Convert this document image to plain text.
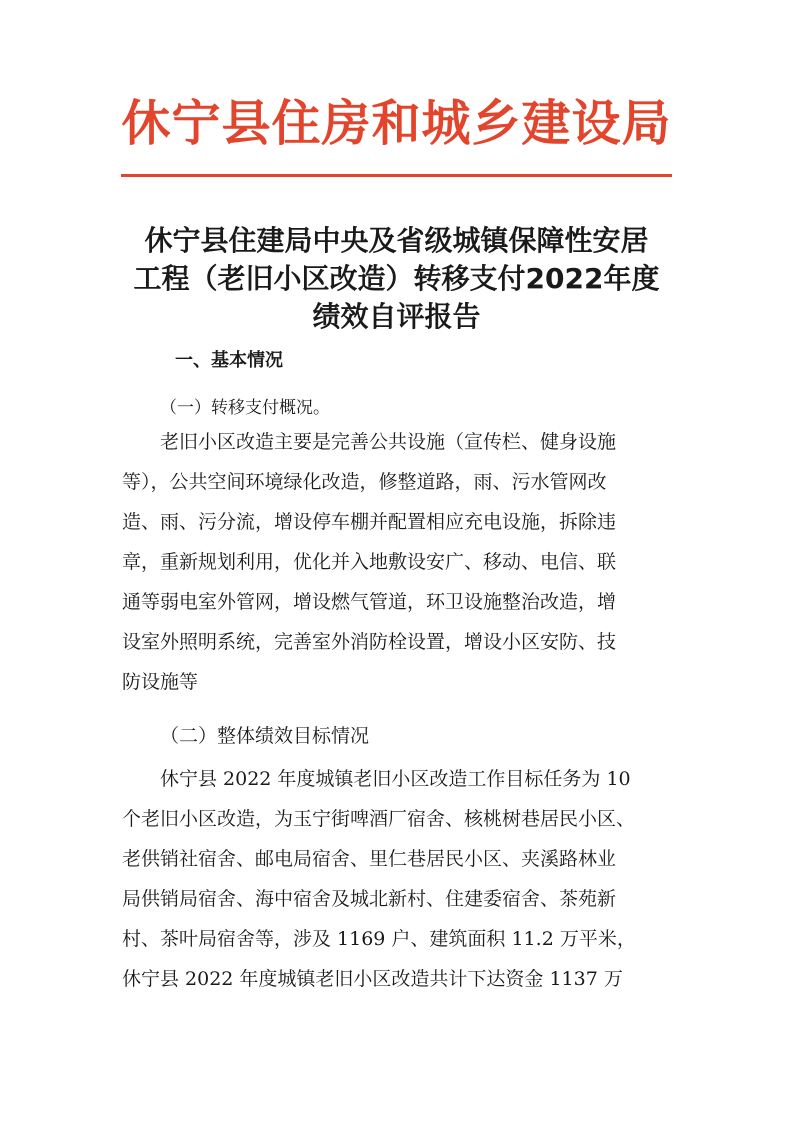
休宁县住房和城乡建设局
休宁县住建局中央及省级城镇保障性安居
工程（老旧小区改造）转移支付2022年度
绩效自评报告
一、基本情况
（一）转移支付概况。
　　老旧小区改造主要是完善公共设施（宣传栏、健身设施
等），公共空间环境绿化改造，修整道路，雨、污水管网改
造、雨、污分流，增设停车棚并配置相应充电设施，拆除违
章，重新规划利用，优化并入地敷设安广、移动、电信、联
通等弱电室外管网，增设燃气管道，环卫设施整治改造，增
设室外照明系统，完善室外消防栓设置，增设小区安防、技
防设施等
（二）整体绩效目标情况
　　休宁县 2022 年度城镇老旧小区改造工作目标任务为 10
个老旧小区改造，为玉宁街啤酒厂宿舍、核桃树巷居民小区、
老供销社宿舍、邮电局宿舍、里仁巷居民小区、夹溪路林业
局供销局宿舍、海中宿舍及城北新村、住建委宿舍、茶苑新
村、茶叶局宿舍等，涉及 1169 户、建筑面积 11.2 万平米，
休宁县 2022 年度城镇老旧小区改造共计下达资金 1137 万
